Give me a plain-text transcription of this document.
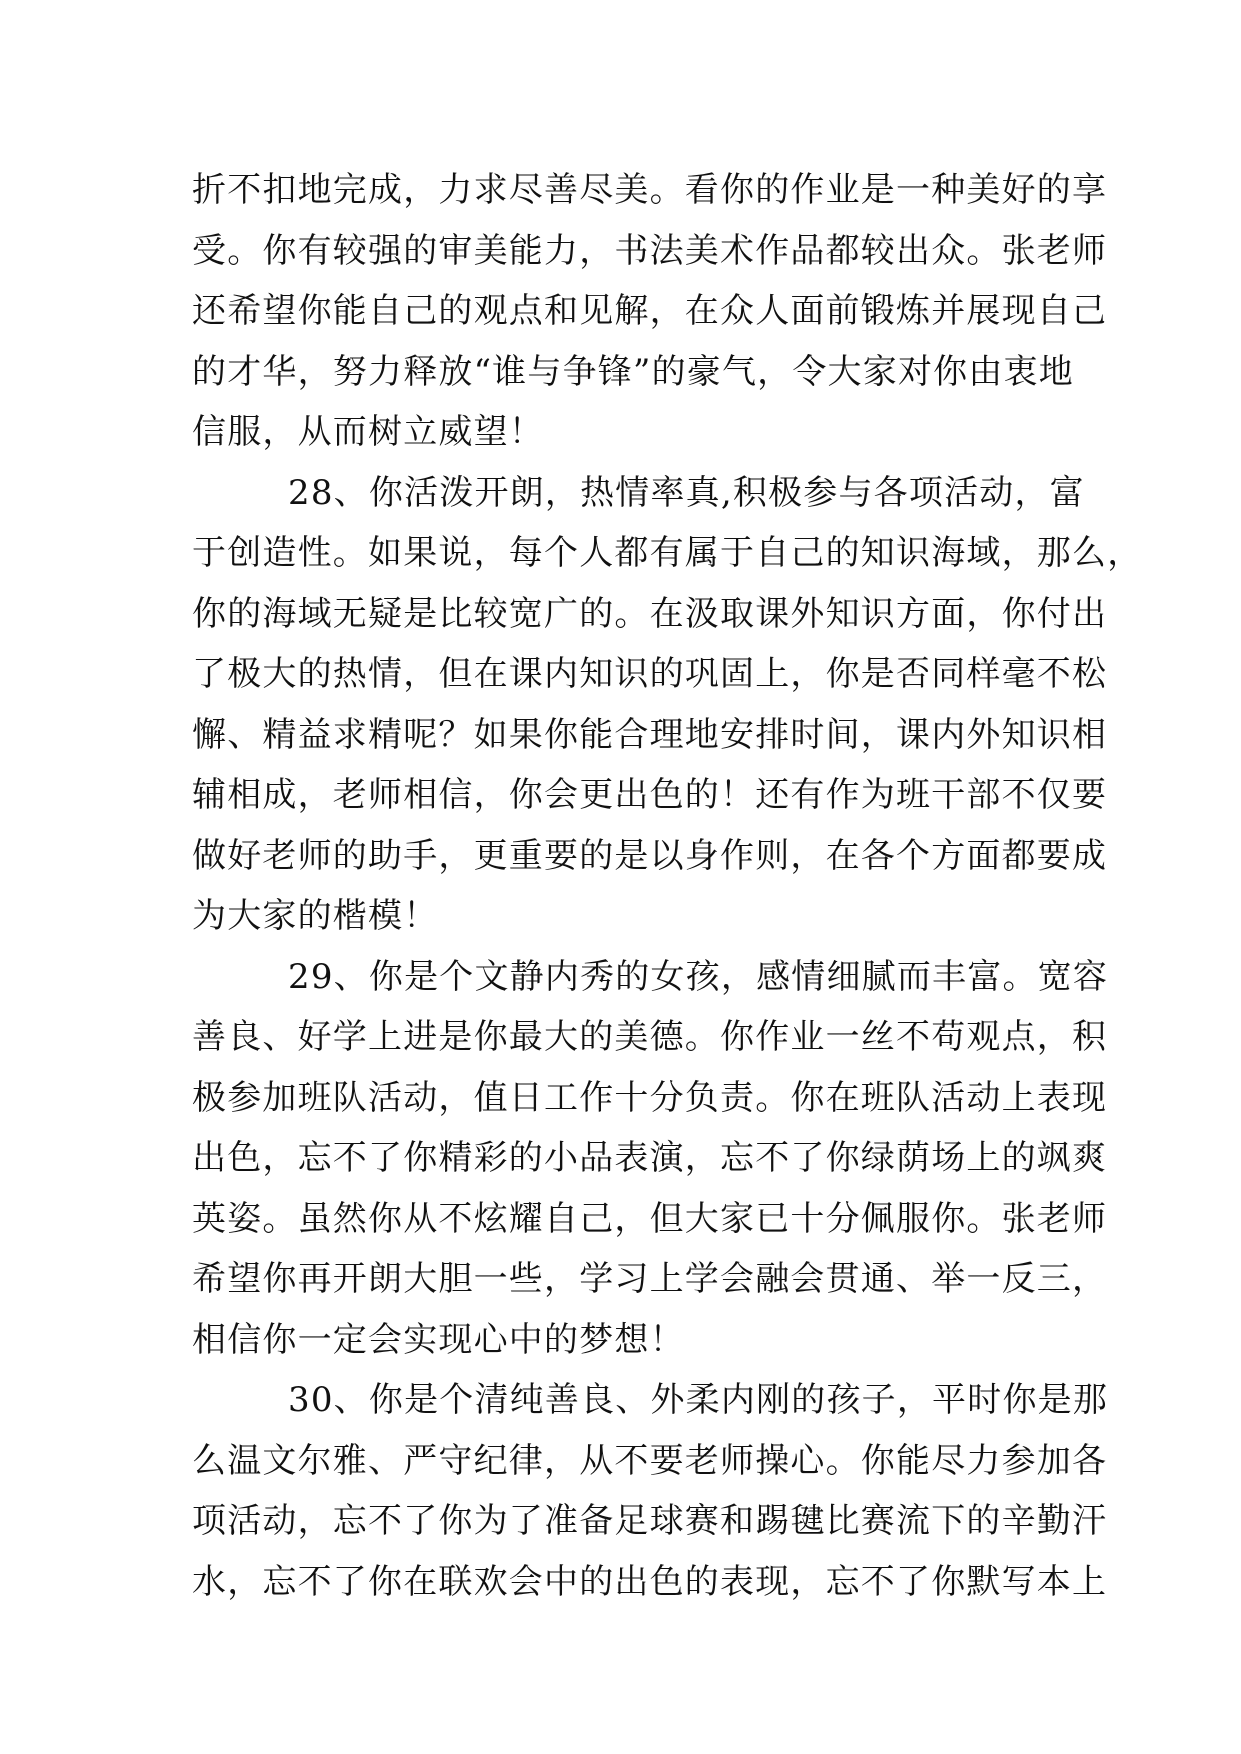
折不扣地完成，力求尽善尽美。看你的作业是一种美好的享
受。你有较强的审美能力，书法美术作品都较出众。张老师
还希望你能自己的观点和见解，在众人面前锻炼并展现自己
的才华，努力释放“谁与争锋”的豪气，令大家对你由衷地
信服，从而树立威望！
28、你活泼开朗，热情率真,积极参与各项活动，富
于创造性。如果说，每个人都有属于自己的知识海域，那么，
你的海域无疑是比较宽广的。在汲取课外知识方面，你付出
了极大的热情，但在课内知识的巩固上，你是否同样毫不松
懈、精益求精呢？如果你能合理地安排时间，课内外知识相
辅相成，老师相信，你会更出色的！还有作为班干部不仅要
做好老师的助手，更重要的是以身作则，在各个方面都要成
为大家的楷模！
29、你是个文静内秀的女孩，感情细腻而丰富。宽容
善良、好学上进是你最大的美德。你作业一丝不苟观点，积
极参加班队活动，值日工作十分负责。你在班队活动上表现
出色，忘不了你精彩的小品表演，忘不了你绿荫场上的飒爽
英姿。虽然你从不炫耀自己，但大家已十分佩服你。张老师
希望你再开朗大胆一些，学习上学会融会贯通、举一反三，
相信你一定会实现心中的梦想！
30、你是个清纯善良、外柔内刚的孩子，平时你是那
么温文尔雅、严守纪律，从不要老师操心。你能尽力参加各
项活动，忘不了你为了准备足球赛和踢毽比赛流下的辛勤汗
水，忘不了你在联欢会中的出色的表现，忘不了你默写本上
